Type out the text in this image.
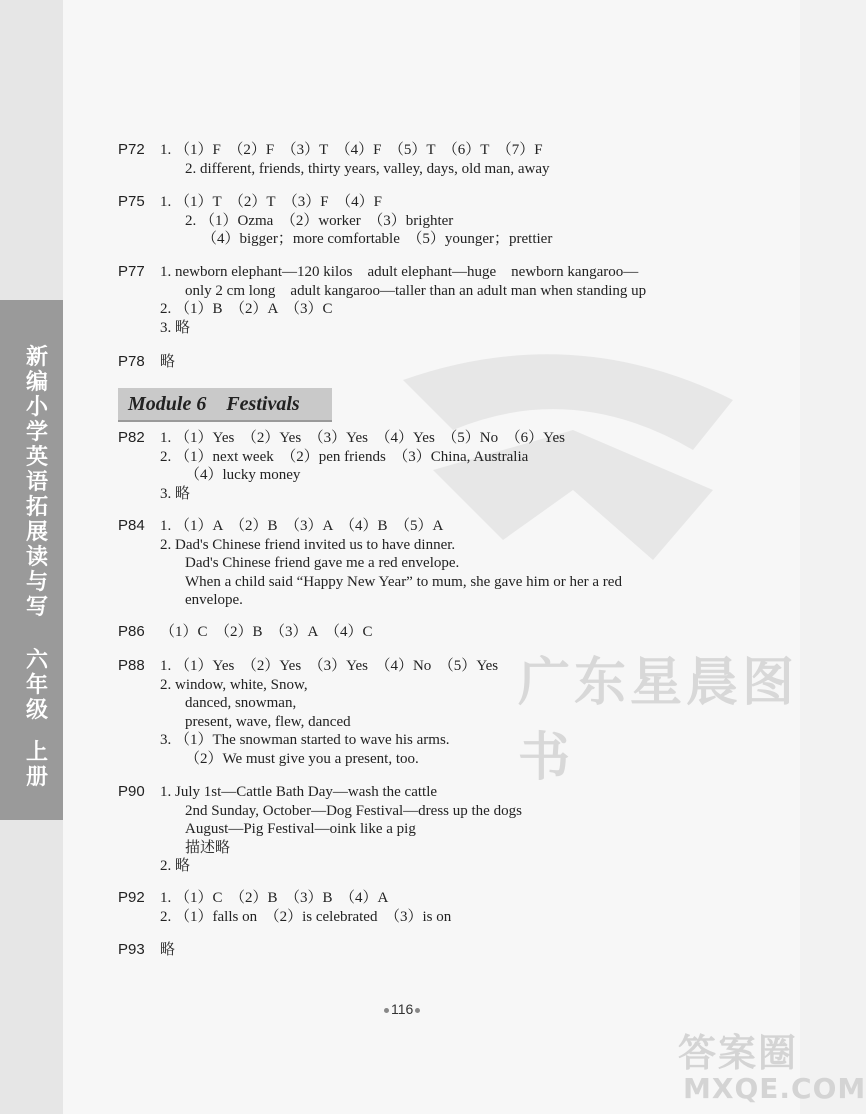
新
编
小
学
英
语
拓
展
读
与
写
六
年
级
上
册
广东星晨图书
答案圈
MXQE.COM
P72 1. （1）F　（2）F　（3）T　（4）F　（5）T　（6）T　（7）F
2. different, friends, thirty years, valley, days, old man, away
P75 1. （1）T　（2）T　（3）F　（4）F
2. （1）Ozma　（2）worker　（3）brighter
（4）bigger；more comfortable　（5）younger；prettier
P77 1. newborn elephant—120 kilos　adult elephant—huge　newborn kangaroo—
only 2 cm long　adult kangaroo—taller than an adult man when standing up
2. （1）B　（2）A　（3）C
3. 略
P78 略
Module 6    Festivals
P82 1. （1）Yes　（2）Yes　（3）Yes　（4）Yes　（5）No　（6）Yes
2. （1）next week　（2）pen friends　（3）China, Australia
（4）lucky money
3. 略
P84 1. （1）A　（2）B　（3）A　（4）B　（5）A
2. Dad's Chinese friend invited us to have dinner.
Dad's Chinese friend gave me a red envelope.
When a child said “Happy New Year” to mum, she gave him or her a red
envelope.
P86 （1）C　（2）B　（3）A　（4）C
P88 1. （1）Yes　（2）Yes　（3）Yes　（4）No　（5）Yes
2. window, white, Snow,
danced, snowman,
present, wave, flew, danced
3. （1）The snowman started to wave his arms.
（2）We must give you a present, too.
P90 1. July 1st—Cattle Bath Day—wash the cattle
2nd Sunday, October—Dog Festival—dress up the dogs
August—Pig Festival—oink like a pig
描述略
2. 略
P92 1. （1）C　（2）B　（3）B　（4）A
2. （1）falls on　（2）is celebrated　（3）is on
P93 略
116
